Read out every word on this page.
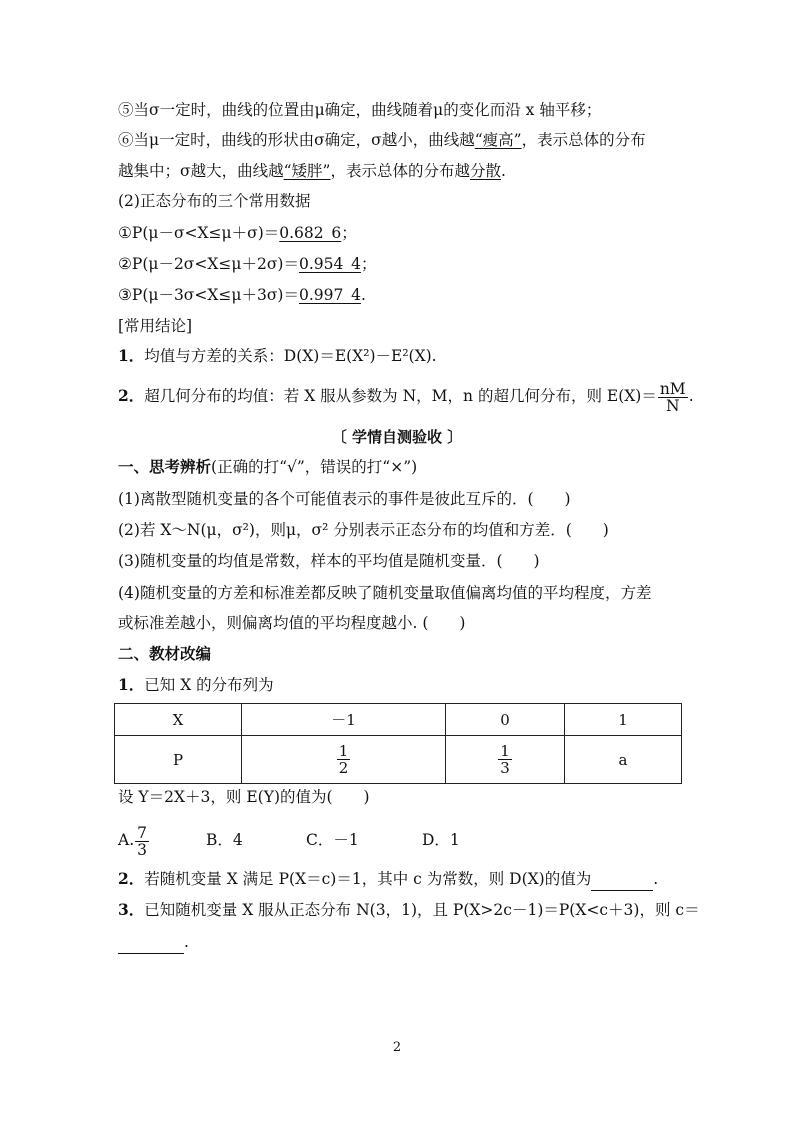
⑤当σ一定时，曲线的位置由μ确定，曲线随着μ的变化而沿 x 轴平移；
⑥当μ一定时，曲线的形状由σ确定，σ越小，曲线越“瘦高”，表示总体的分布
越集中；σ越大，曲线越“矮胖”，表示总体的分布越分散.
(2)正态分布的三个常用数据
①P(μ－σ<X≤μ＋σ)＝0.682_6；
②P(μ－2σ<X≤μ＋2σ)＝0.954_4；
③P(μ－3σ<X≤μ＋3σ)＝0.997_4.
[常用结论]
1．均值与方差的关系：D(X)＝E(X²)－E²(X).
2．超几何分布的均值：若 X 服从参数为 N，M，n 的超几何分布，则 $E(X)= \frac{nM}{N}$ .
〔 学情自测验收 〕
一、思考辨析(正确的打“√”，错误的打“×”)
(1)离散型随机变量的各个可能值表示的事件是彼此互斥的．(　　)
(2)若 X～N(μ，σ²)，则μ，σ² 分别表示正态分布的均值和方差．(　　)
(3)随机变量的均值是常数，样本的平均值是随机变量．(　　)
(4)随机变量的方差和标准差都反映了随机变量取值偏离均值的平均程度，方差
或标准差越小，则偏离均值的平均程度越小. (　　)
二、教材改编
1．已知 X 的分布列为
X	－1	0	1
P	$\frac{1}{2}$	$\frac{1}{3}$	a
设 Y＝2X＋3，则 E(Y)的值为(　　)
A. $\frac{7}{3}$	B．4	C．－1	D．1
2．若随机变量 X 满足 P(X＝c)＝1，其中 c 为常数，则 D(X)的值为	.
3．已知随机变量 X 服从正态分布 N(3，1)，且 P(X>2c－1)＝P(X<c＋3)，则 c＝
.
2
